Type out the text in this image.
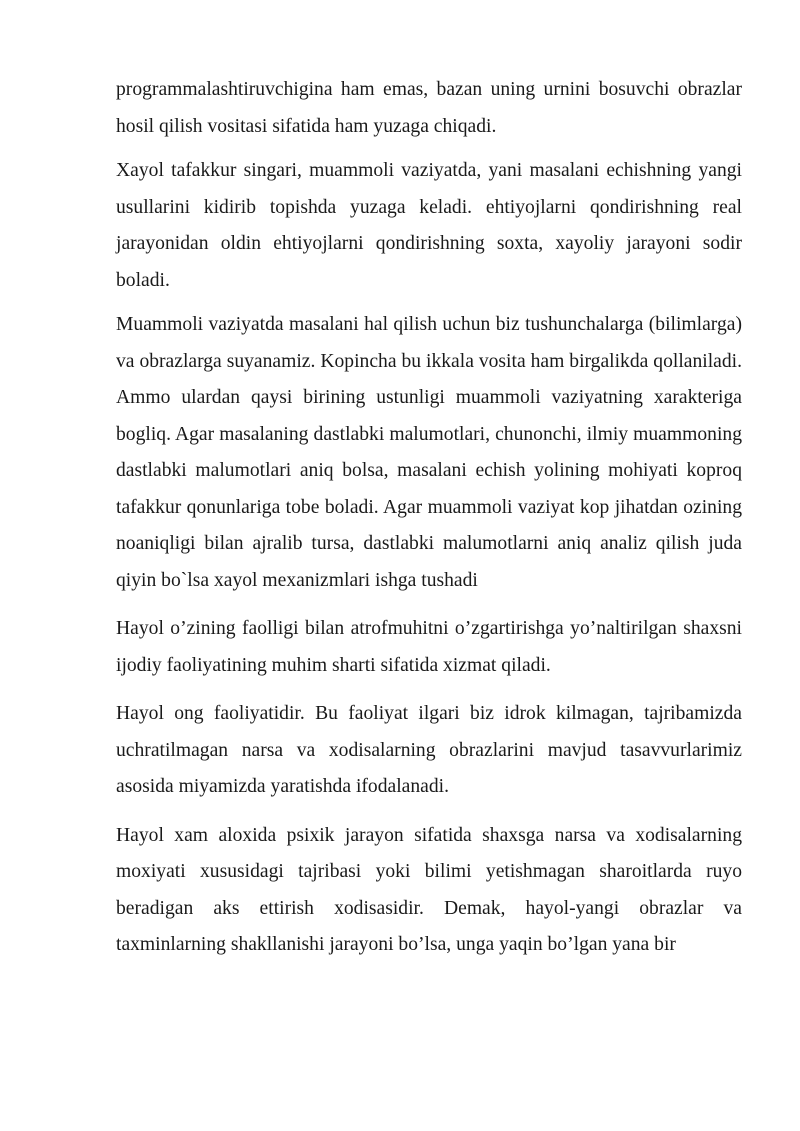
programmalashtiruvchigina ham emas, bazan uning urnini bosuvchi obrazlar hosil qilish vositasi sifatida ham yuzaga chiqadi.

Xayol tafakkur singari, muammoli vaziyatda, yani masalani echishning yangi usullarini kidirib topishda yuzaga keladi. ehtiyojlarni qondirishning real jarayonidan oldin ehtiyojlarni qondirishning soxta, xayoliy jarayoni sodir boladi.

Muammoli vaziyatda masalani hal qilish uchun biz tushunchalarga (bilimlarga) va obrazlarga suyanamiz. Kopincha bu ikkala vosita ham birgalikda qollaniladi. Ammo ulardan qaysi birining ustunligi muammoli vaziyatning xarakteriga bogliq. Agar masalaning dastlabki malumotlari, chunonchi, ilmiy muammoning dastlabki malumotlari aniq bolsa, masalani echish yolining mohiyati koproq tafakkur qonunlariga tobe boladi. Agar muammoli vaziyat kop jihatdan ozining noaniqligi bilan ajralib tursa, dastlabki malumotlarni aniq analiz qilish juda qiyin bo`lsa xayol mexanizmlari ishga tushadi

Hayol o’zining faolligi bilan atrofmuhitni o’zgartirishga yo’naltirilgan shaxsni ijodiy faoliyatining muhim sharti sifatida xizmat qiladi.

Hayol ong faoliyatidir. Bu faoliyat ilgari biz idrok kilmagan, tajribamizda uchratilmagan narsa va xodisalarning obrazlarini mavjud tasavvurlarimiz asosida miyamizda yaratishda ifodalanadi.

Hayol xam aloxida psixik jarayon sifatida shaxsga narsa va xodisalarning moxiyati xususidagi tajribasi yoki bilimi yetishmagan sharoitlarda ruyo beradigan aks ettirish xodisasidir. Demak, hayol-yangi obrazlar va taxminlarning shakllanishi jarayoni bo’lsa, unga yaqin bo’lgan yana bir
